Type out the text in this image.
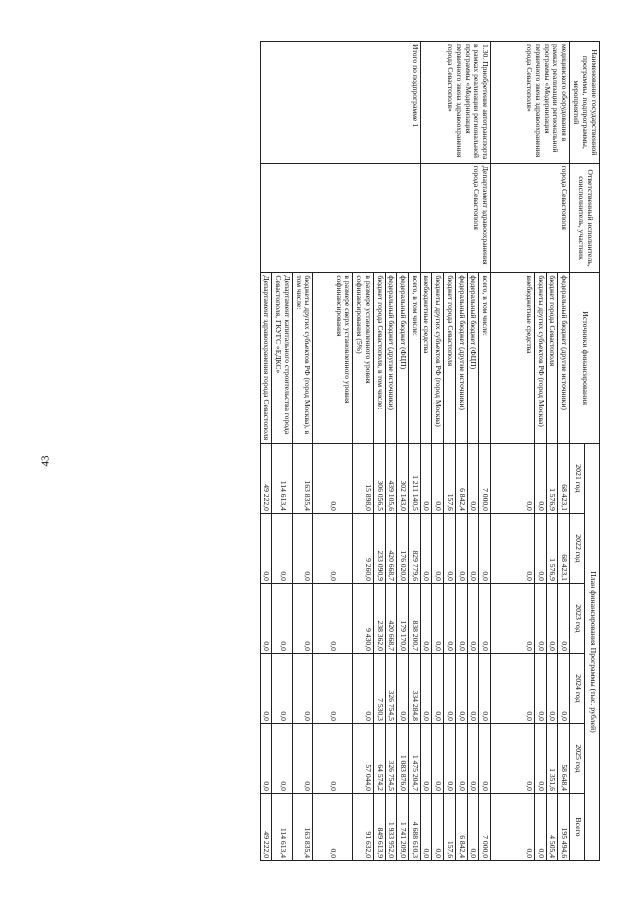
43
Наименование государственной программы, подпрограммы, мероприятий	Ответственный исполнитель, соисполнитель, участник	Источники финансирования	План финансирования Программы (тыс. рублей)					
			2021 год	2022 год	2023 год	2024 год	2025 год	Всего
медицинского оборудования в рамках реализации региональной программы «Модернизация первичного звена здравоохранения города Севастополя»	города Севастополя	федеральный бюджет (другие источники)	68 423,1	68 423,1	0,0	0,0	58 648,4	195 494,6
		бюджет города Севастополя	1 576,9	1 576,9	0,0	0,0	1 351,6	4 505,4
		бюджеты других субъектов РФ (город Москва)	0,0	0,0	0,0	0,0	0,0	0,0
		внебюджетные средства	0,0	0,0	0,0	0,0	0,0	0,0
1.30. Приобретение автотранспорта в рамках реализации региональной программы «Модернизация первичного звена здравоохранения города Севастополя»	Департамент здравоохранения города Севастополя	всего, в том числе:	7 000,0	0,0	0,0	0,0	0,0	7 000,0
		федеральный бюджет (ФЦП)	0,0	0,0	0,0	0,0	0,0	0,0
		федеральный бюджет (другие источники)	6 842,4	0,0	0,0	0,0	0,0	6 842,4
		бюджет города Севастополя	157,6	0,0	0,0	0,0	0,0	157,6
		бюджеты других субъектов РФ (город Москва)	0,0	0,0	0,0	0,0	0,0	0,0
		внебюджетные средства	0,0	0,0	0,0	0,0	0,0	0,0
Итого по подпрограмме 1		всего, в том числе:	1 211 140,5	829 779,6	838 200,7	334 284,8	1 475 204,7	4 688 610,3
		федеральный бюджет (ФЦП)	302 143,0	176 020,0	179 170,0	0,0	1 083 876,0	1 741 209,0
		федеральный бюджет (другие источники)	439 105,6	420 668,7	420 668,7	326 754,5	326 754,5	1 933 952,0
		бюджет города Севастополя, в том числе:	306 056,5	233 090,9	238 362,0	7 530,3	64 574,2	849 613,9
		в размере установленного уровня софинансирования (5%)	15 898,0	9 260,0	9 430,0	0,0	57 044,0	91 632,0
		в размере сверх установленного уровня софинансирования	0,0	0,0	0,0	0,0	0,0	0,0
		бюджеты других субъектов РФ (город Москва), в том числе:	163 835,4	0,0	0,0	0,0	0,0	163 835,4
		Департамент капитального строительства города Севастополя, ГКУГС «ЕДКС»	114 613,4	0,0	0,0	0,0	0,0	114 613,4
		Департамент здравоохранения города Севастополя	49 222,0	0,0	0,0	0,0	0,0	49 222,0
